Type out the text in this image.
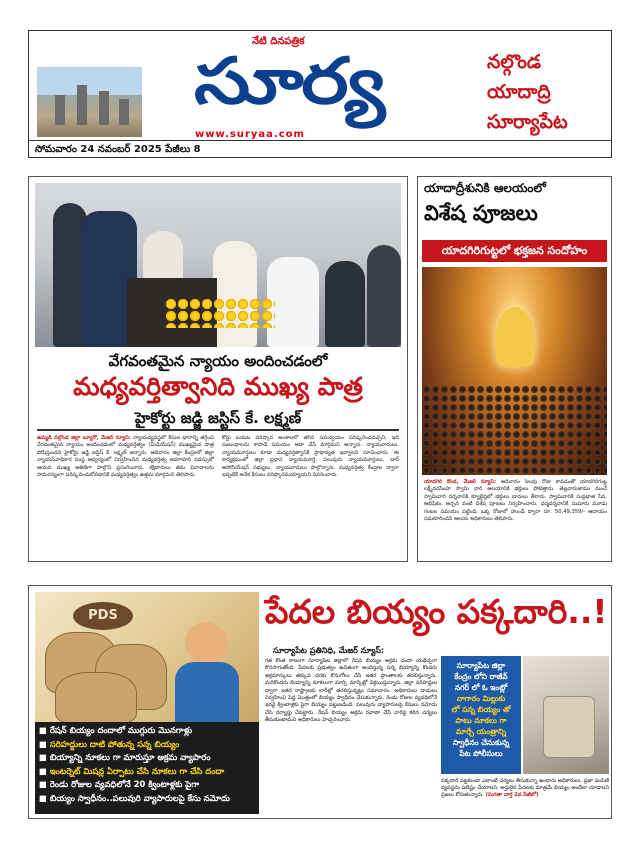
నేటి దినపత్రిక
సూర్య
www.suryaa.com
నల్గొండ
యాదాద్రి
సూర్యాపేట
సోమవారం 24 నవంబర్ 2025 పేజీలు 8
వేగవంతమైన న్యాయం అందించడంలో
మధ్యవర్తిత్వానిది ముఖ్య పాత్ర
హైకోర్టు జడ్జి జస్టిస్ కే. లక్ష్మణ్
ఉమ్మడి నల్గొండ జిల్లా బ్యూరో, మేజర్ న్యూస్: న్యాయవ్యవస్థలో కేసుల భారాన్ని తగ్గించి వేగవంతమైన న్యాయం అందించడంలో మధ్యవర్తిత్వం (మీడియేషన్) ముఖ్యమైన పాత్ర పోషిస్తుందని హైకోర్టు జడ్జి జస్టిస్ కే. లక్ష్మణ్ అన్నారు. ఆదివారం జిల్లా కేంద్రంలో జిల్లా న్యాయసేవాధికార సంస్థ ఆధ్వర్యంలో నిర్వహించిన మధ్యవర్తిత్వ అవగాహన సదస్సులో ఆయన ముఖ్య అతిథిగా పాల్గొని ప్రసంగించారు. కక్షిదారులు తమ వివాదాలను సామరస్యంగా పరిష్కరించుకోవడానికి మధ్యవర్తిత్వం ఉత్తమ మార్గమని తెలిపారు.
కోర్టు బయట పరిష్కార అంశాలలో తగిన సమన్వయం పరిష్కరించవచ్చని, ఇది సంబంధాలను కాపాడే సమయం ఆదా చేసే మార్గమని అన్నారు. న్యాయవాదులు, న్యాయమూర్తులు కూడా మధ్యవర్తిత్వానికి ప్రాధాన్యత ఇవ్వాలని సూచించారు. ఈ కార్యక్రమంలో జిల్లా ప్రధాన న్యాయమూర్తి, పలువురు న్యాయమూర్తులు, బార్ అసోసియేషన్ సభ్యులు, న్యాయవాదులు పాల్గొన్నారు. మధ్యవర్తిత్వ కేంద్రాల ద్వారా ఇప్పటికే అనేక కేసులు పరిష్కారమయ్యాయని వివరించారు.
యాదాద్రీశునికి ఆలయంలో
విశేష పూజలు
యాదగిరిగుట్టలో భక్తజన సందోహం
యాదగిరి కొండ, మేజర్ న్యూస్: ఆదివారం సెలవు రోజు కావడంతో యాదగిరిగుట్ట లక్ష్మీనరసింహ స్వామి వారి ఆలయానికి భక్తులు పోటెత్తారు. తెల్లవారుజాము నుంచే స్వామివారి దర్శనానికి క్యూలైన్లలో భక్తులు బారులు తీరారు. స్వామివారికి సుప్రభాత సేవ, అభిషేకం, అర్చన వంటి విశేష పూజలు నిర్వహించారు. ధర్మదర్శనానికి సుమారు మూడు గంటల సమయం పట్టింది. ఒక్క రోజులో హుండీ ద్వారా రూ. 50,49,359/- ఆదాయం సమకూరిందని ఆలయ అధికారులు తెలిపారు.
PDS
■ రేషన్ బియ్యం దందాలో ముగ్గురు మొనగాళ్లు
■ సరిహద్దులు దాటి పోతున్న సన్న బియ్యం
■ బియ్యాన్ని నూకలు గా మారుస్తూ అక్రమ వ్యాపారం
■ ఇంటర్నెట్ మిషన్ల ఏర్పాటు చేసి నూకలు గా చేసి దందా
■ రెండు రోజుల వ్యవధిలోనే 20 క్వింటాళ్లకు పైగా
■ బియ్యం స్వాధీనం..పలువురి వ్యాపారులపై కేసు నమోదు
పేదల బియ్యం పక్కదారి..!
సూర్యాపేట ప్రతినిధి, మేజర్ న్యూస్:
గత కొంత కాలంగా సూర్యాపేట జిల్లాలో రేషన్ బియ్యం అక్రమ దందా యథేచ్ఛగా కొనసాగుతోంది. పేదలకు ప్రభుత్వం ఉచితంగా అందిస్తున్న సన్న బియ్యాన్ని కొందరు అక్రమార్కులు తక్కువ ధరకు కొనుగోలు చేసి ఇతర ప్రాంతాలకు తరలిస్తున్నారు. మరికొందరు బియ్యాన్ని నూకలుగా మార్చి మార్కెట్లో విక్రయిస్తున్నారు. జిల్లా సరిహద్దుల ద్వారా ఇతర రాష్ట్రాలకు లారీల్లో తరలిస్తున్నట్లు సమాచారం. అధికారులు దాడులు నిర్వహించి పెద్ద మొత్తంలో బియ్యం స్వాధీనం చేసుకున్నారు. రెండు రోజుల వ్యవధిలోనే ఇరవై క్వింటాళ్లకు పైగా బియ్యం పట్టుబడింది. పలువురు వ్యాపారులపై కేసులు నమోదు చేసి దర్యాప్తు చేపట్టారు. రేషన్ బియ్యం అక్రమ రవాణా చేసే వారిపై కఠిన చర్యలు తీసుకుంటామని అధికారులు హెచ్చరించారు.
సూర్యాపేట జిల్లా
కేంద్రం లోని రాజీవ్
నగర్ లో ఓ ఇంట్లో
నాగారం మిల్లుకు
లో సన్న బియ్యం తో
పాటు నూకలు గా
మార్చే యంత్రాన్ని
స్వాధీనం చేసుకున్న
పేట పోలీసులు
పక్కదారి పట్టకుండా ఎలాంటి చర్యలు తీసుకున్నా ఉందారు అధికారులు. ప్రజా పంపిణీ వ్యవస్థను పటిష్టం చేయాలని, అర్హులైన పేదలకు మాత్రమే బియ్యం అందేలా చూడాలని ప్రజలు కోరుతున్నారు. (మిగతా వార్త 2వ పేజీలో)
